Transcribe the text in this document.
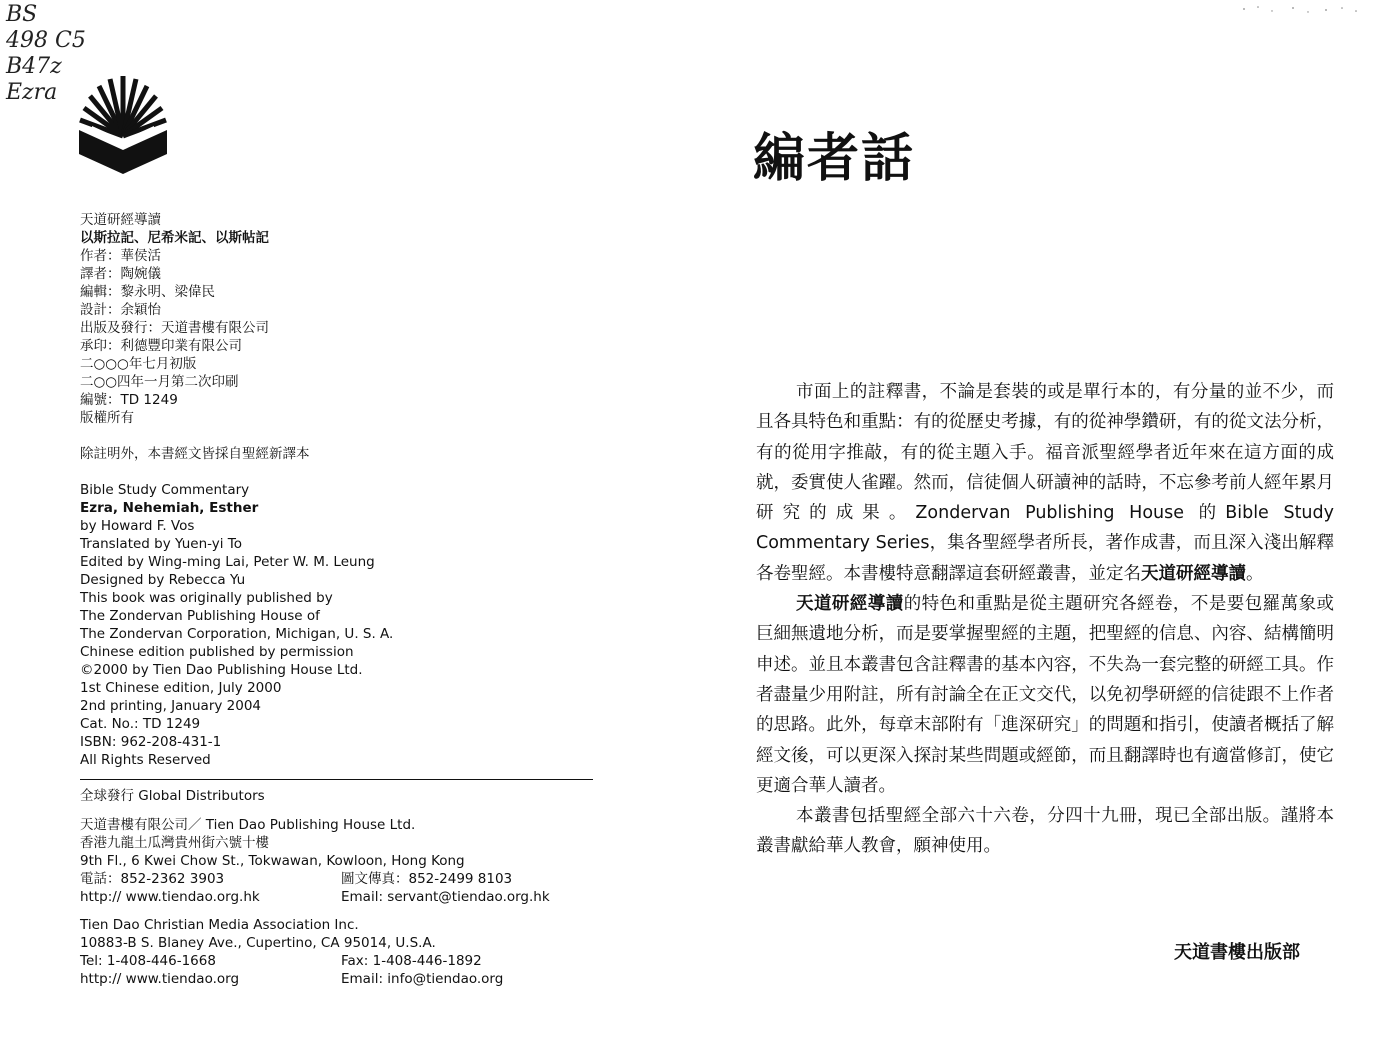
BS
498 C5
B47z
Ezra
天道研經導讀
以斯拉記、尼希米記、以斯帖記
作者：華侯活
譯者：陶婉儀
編輯：黎永明、梁偉民
設計：余穎怡
出版及發行：天道書樓有限公司
承印：利德豐印業有限公司
二○○○年七月初版
二○○四年一月第二次印刷
編號：TD 1249
版權所有
除註明外，本書經文皆採自聖經新譯本
Bible Study Commentary
Ezra, Nehemiah, Esther
by Howard F. Vos
Translated by Yuen-yi To
Edited by Wing-ming Lai, Peter W. M. Leung
Designed by Rebecca Yu
This book was originally published by
The Zondervan Publishing House of
The Zondervan Corporation, Michigan, U. S. A.
Chinese edition published by permission
©2000 by Tien Dao Publishing House Ltd.
1st Chinese edition, July 2000
2nd printing, January 2004
Cat. No.: TD 1249
ISBN: 962-208-431-1
All Rights Reserved
全球發行 Global Distributors
天道書樓有限公司／ Tien Dao Publishing House Ltd.
香港九龍土瓜灣貴州街六號十樓
9th Fl., 6 Kwei Chow St., Tokwawan, Kowloon, Hong Kong
電話：852-2362 3903
http:// www.tiendao.org.hk
圖文傳真：852-2499 8103
Email: servant@tiendao.org.hk
Tien Dao Christian Media Association Inc.
10883-B S. Blaney Ave., Cupertino, CA 95014, U.S.A.
Tel: 1-408-446-1668
http:// www.tiendao.org
Fax: 1-408-446-1892
Email: info@tiendao.org
編者話

市面上的註釋書，不論是套裝的或是單行本的，有分量的並不少，而且各具特色和重點：有的從歷史考據，有的從神學鑽研，有的從文法分析，有的從用字推敲，有的從主題入手。福音派聖經學者近年來在這方面的成就，委實使人雀躍。然而，信徒個人研讀神的話時，不忘參考前人經年累月研究的成果。Zondervan Publishing House 的Bible Study Commentary Series，集各聖經學者所長，著作成書，而且深入淺出解釋各卷聖經。本書樓特意翻譯這套研經叢書，並定名天道研經導讀。

天道研經導讀的特色和重點是從主題研究各經卷，不是要包羅萬象或巨細無遺地分析，而是要掌握聖經的主題，把聖經的信息、內容、結構簡明申述。並且本叢書包含註釋書的基本內容，不失為一套完整的研經工具。作者盡量少用附註，所有討論全在正文交代，以免初學研經的信徒跟不上作者的思路。此外，每章末部附有「進深研究」的問題和指引，使讀者概括了解經文後，可以更深入探討某些問題或經節，而且翻譯時也有適當修訂，使它更適合華人讀者。

本叢書包括聖經全部六十六卷，分四十九冊，現已全部出版。謹將本叢書獻給華人教會，願神使用。

天道書樓出版部
